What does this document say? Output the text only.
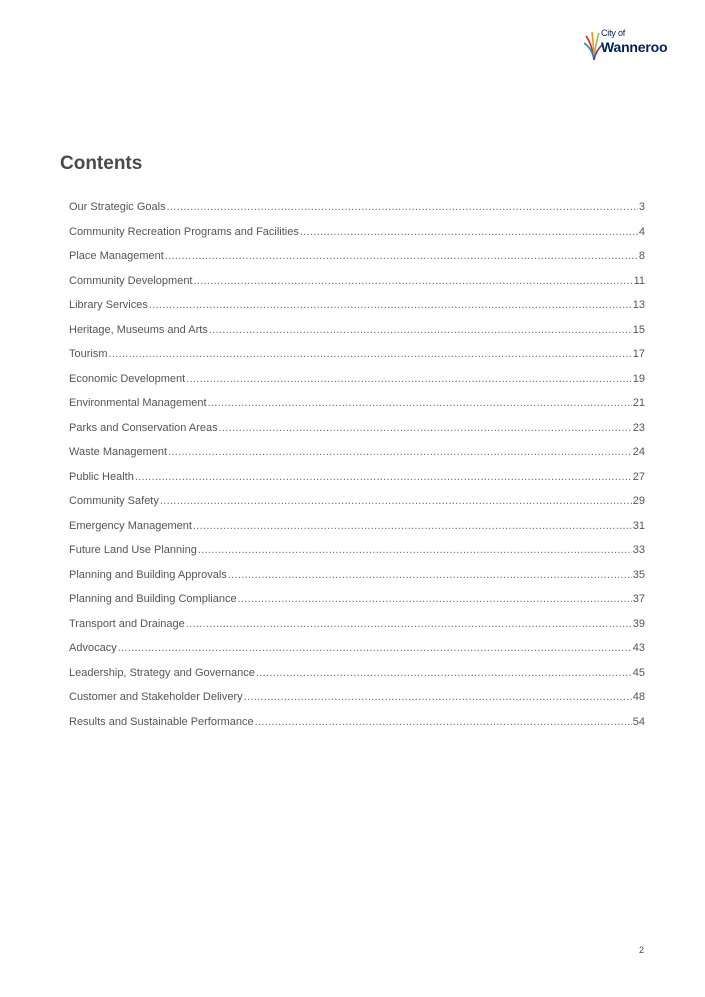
City of
Wanneroo
Contents
Our Strategic Goals .....	3
Community Recreation Programs and Facilities .....	4
Place Management .....	8
Community Development .....	11
Library Services .....	13
Heritage, Museums and Arts .....	15
Tourism .....	17
Economic Development .....	19
Environmental Management .....	21
Parks and Conservation Areas .....	23
Waste Management .....	24
Public Health .....	27
Community Safety .....	29
Emergency Management .....	31
Future Land Use Planning .....	33
Planning and Building Approvals .....	35
Planning and Building Compliance .....	37
Transport and Drainage .....	39
Advocacy .....	43
Leadership, Strategy and Governance .....	45
Customer and Stakeholder Delivery .....	48
Results and Sustainable Performance .....	54
2
